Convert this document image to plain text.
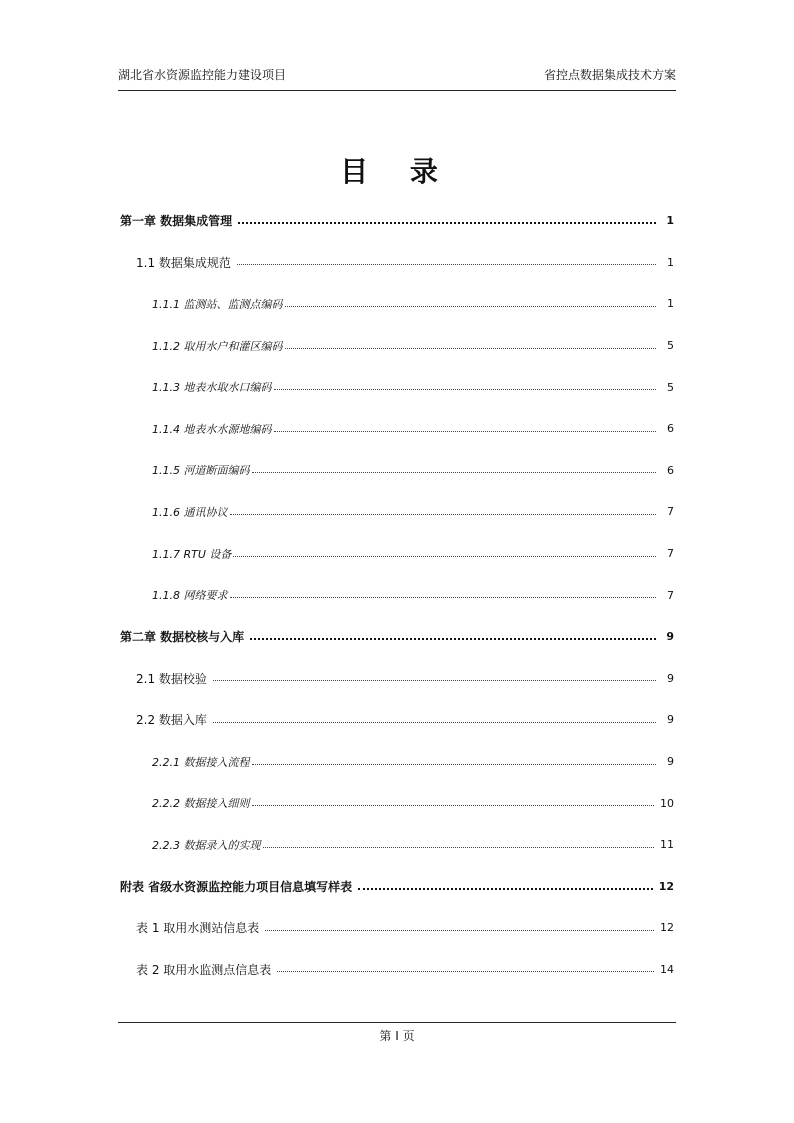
湖北省水资源监控能力建设项目	省控点数据集成技术方案
目 录
第一章 数据集成管理	1
1.1 数据集成规范	1
1.1.1 监测站、监测点编码	1
1.1.2 取用水户和灌区编码	5
1.1.3 地表水取水口编码	5
1.1.4 地表水水源地编码	6
1.1.5 河道断面编码	6
1.1.6 通讯协议	7
1.1.7 RTU 设备	7
1.1.8 网络要求	7
第二章 数据校核与入库	9
2.1 数据校验	9
2.2 数据入库	9
2.2.1 数据接入流程	9
2.2.2 数据接入细则	10
2.2.3 数据录入的实现	11
附表 省级水资源监控能力项目信息填写样表	12
表 1 取用水测站信息表	12
表 2 取用水监测点信息表	14
第 I 页
